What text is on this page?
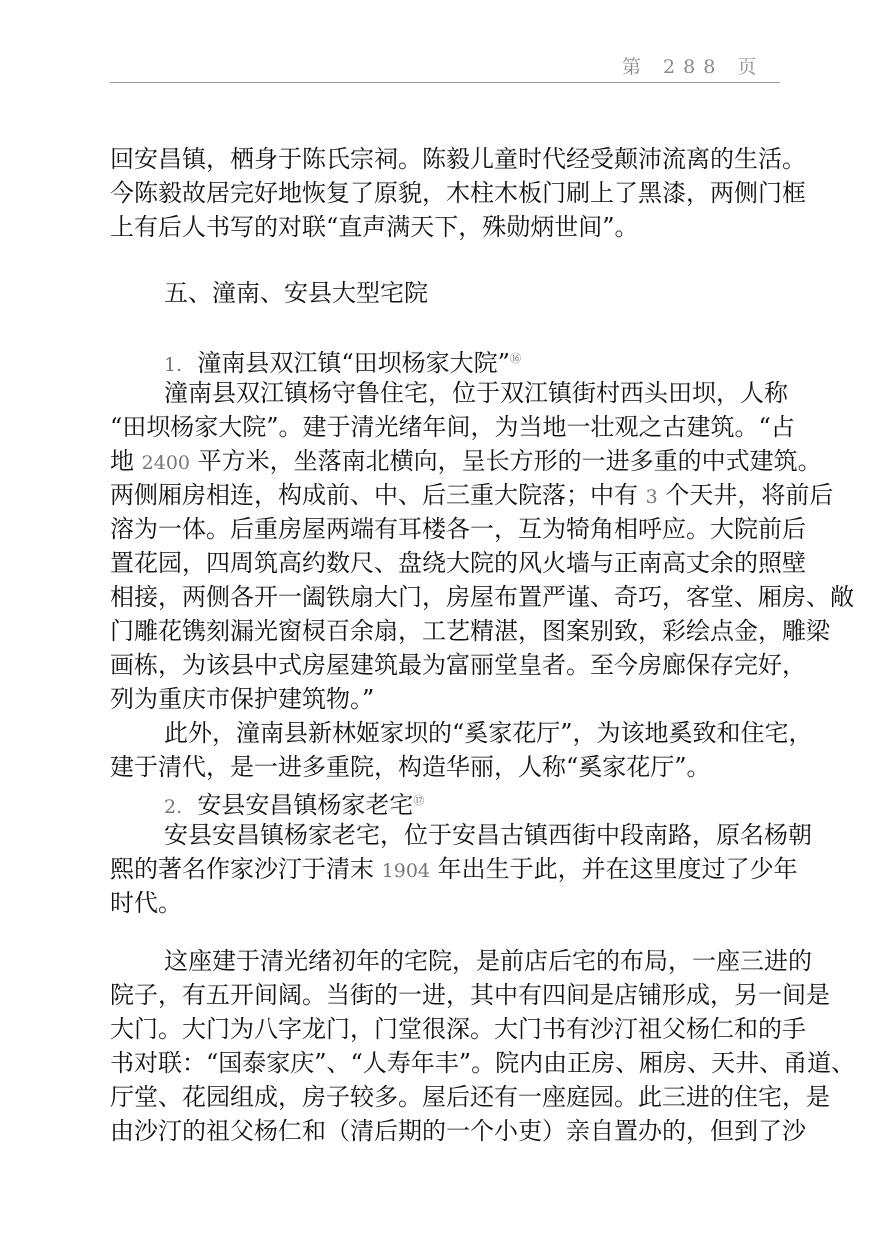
第 288 页
回安昌镇，栖身于陈氏宗祠。陈毅儿童时代经受颠沛流离的生活。
今陈毅故居完好地恢复了原貌，木柱木板门刷上了黑漆，两侧门框
上有后人书写的对联“直声满天下，殊勋炳世间”。
五、潼南、安县大型宅院
1. 潼南县双江镇“田坝杨家大院”⑯
潼南县双江镇杨守鲁住宅，位于双江镇街村西头田坝，人称
“田坝杨家大院”。建于清光绪年间，为当地一壮观之古建筑。“占
地 2400 平方米，坐落南北横向，呈长方形的一进多重的中式建筑。
两侧厢房相连，构成前、中、后三重大院落；中有 3 个天井，将前后
溶为一体。后重房屋两端有耳楼各一，互为犄角相呼应。大院前后
置花园，四周筑高约数尺、盘绕大院的风火墙与正南高丈余的照壁
相接，两侧各开一阖铁扇大门，房屋布置严谨、奇巧，客堂、厢房、敞
门雕花镌刻漏光窗棂百余扇，工艺精湛，图案别致，彩绘点金，雕梁
画栋，为该县中式房屋建筑最为富丽堂皇者。至今房廊保存完好，
列为重庆市保护建筑物。”
此外，潼南县新林姬家坝的“奚家花厅”，为该地奚致和住宅，
建于清代，是一进多重院，构造华丽，人称“奚家花厅”。
2. 安县安昌镇杨家老宅⑰
安县安昌镇杨家老宅，位于安昌古镇西街中段南路，原名杨朝
熙的著名作家沙汀于清末 1904 年出生于此，并在这里度过了少年
时代。
这座建于清光绪初年的宅院，是前店后宅的布局，一座三进的
院子，有五开间阔。当街的一进，其中有四间是店铺形成，另一间是
大门。大门为八字龙门，门堂很深。大门书有沙汀祖父杨仁和的手
书对联：“国泰家庆”、“人寿年丰”。院内由正房、厢房、天井、甬道、
厅堂、花园组成，房子较多。屋后还有一座庭园。此三进的住宅，是
由沙汀的祖父杨仁和（清后期的一个小吏）亲自置办的，但到了沙
